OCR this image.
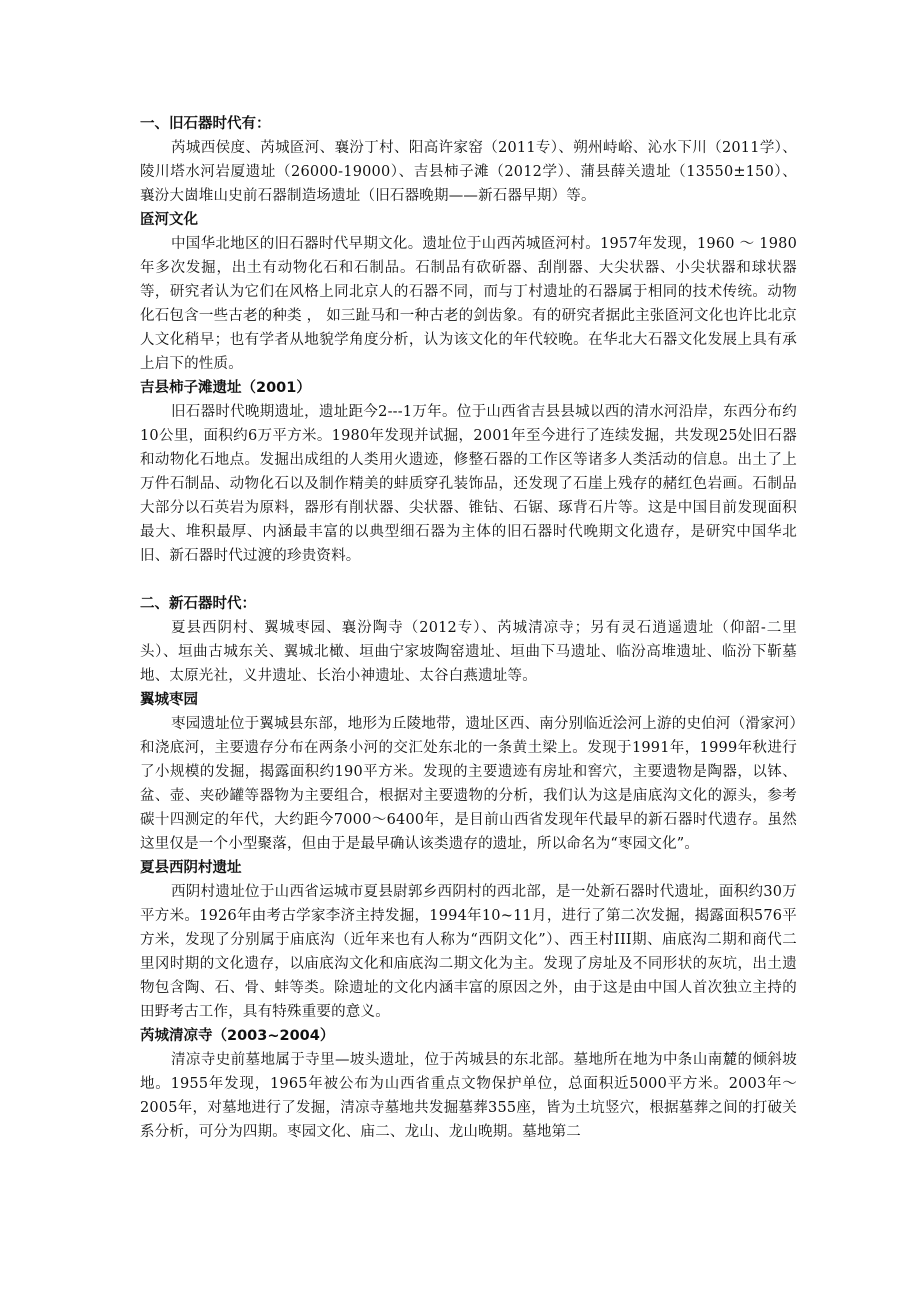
一、旧石器时代有：

芮城西侯度、芮城匼河、襄汾丁村、阳高许家窑（2011专）、朔州峙峪、沁水下川（2011学）、陵川塔水河岩厦遗址（26000-19000）、吉县柿子滩（2012学）、蒲县薛关遗址（13550±150）、襄汾大崮堆山史前石器制造场遗址（旧石器晚期——新石器早期）等。

匼河文化

中国华北地区的旧石器时代早期文化。遗址位于山西芮城匼河村。1957年发现，1960 ～ 1980年多次发掘，出土有动物化石和石制品。石制品有砍斫器、刮削器、大尖状器、小尖状器和球状器等，研究者认为它们在风格上同北京人的石器不同，而与丁村遗址的石器属于相同的技术传统。动物化石包含一些古老的种类 ， 如三趾马和一种古老的剑齿象。有的研究者据此主张匼河文化也许比北京人文化稍早；也有学者从地貌学角度分析，认为该文化的年代较晚。在华北大石器文化发展上具有承上启下的性质。

吉县柿子滩遗址（2001）

旧石器时代晚期遗址，遗址距今2---1万年。位于山西省吉县县城以西的清水河沿岸，东西分布约10公里，面积约6万平方米。1980年发现并试掘，2001年至今进行了连续发掘，共发现25处旧石器和动物化石地点。发掘出成组的人类用火遗迹，修整石器的工作区等诸多人类活动的信息。出土了上万件石制品、动物化石以及制作精美的蚌质穿孔装饰品，还发现了石崖上残存的赭红色岩画。石制品大部分以石英岩为原料，器形有削状器、尖状器、锥钻、石锯、琢背石片等。这是中国目前发现面积最大、堆积最厚、内涵最丰富的以典型细石器为主体的旧石器时代晚期文化遗存，是研究中国华北旧、新石器时代过渡的珍贵资料。

二、新石器时代：

夏县西阴村、翼城枣园、襄汾陶寺（2012专）、芮城清凉寺；另有灵石逍遥遗址（仰韶-二里头）、垣曲古城东关、翼城北橄、垣曲宁家坡陶窑遗址、垣曲下马遗址、临汾高堆遗址、临汾下靳墓地、太原光社，义井遗址、长治小神遗址、太谷白燕遗址等。

翼城枣园

枣园遗址位于翼城县东部，地形为丘陵地带，遗址区西、南分别临近浍河上游的史伯河（滑家河）和浇底河，主要遗存分布在两条小河的交汇处东北的一条黄土梁上。发现于1991年，1999年秋进行了小规模的发掘，揭露面积约190平方米。发现的主要遗迹有房址和窖穴，主要遗物是陶器，以钵、盆、壶、夹砂罐等器物为主要组合，根据对主要遗物的分析，我们认为这是庙底沟文化的源头，参考碳十四测定的年代，大约距今7000～6400年，是目前山西省发现年代最早的新石器时代遗存。虽然这里仅是一个小型聚落，但由于是最早确认该类遗存的遗址，所以命名为“枣园文化”。

夏县西阴村遗址

西阴村遗址位于山西省运城市夏县尉郭乡西阴村的西北部，是一处新石器时代遗址，面积约30万平方米。1926年由考古学家李济主持发掘，1994年10~11月，进行了第二次发掘，揭露面积576平方米，发现了分别属于庙底沟（近年来也有人称为“西阴文化”）、西王村III期、庙底沟二期和商代二里冈时期的文化遗存，以庙底沟文化和庙底沟二期文化为主。发现了房址及不同形状的灰坑，出土遗物包含陶、石、骨、蚌等类。除遗址的文化内涵丰富的原因之外，由于这是由中国人首次独立主持的田野考古工作，具有特殊重要的意义。

芮城清凉寺（2003~2004）

清凉寺史前墓地属于寺里—坡头遗址，位于芮城县的东北部。墓地所在地为中条山南麓的倾斜坡地。1955年发现，1965年被公布为山西省重点文物保护单位，总面积近5000平方米。2003年～2005年，对墓地进行了发掘，清凉寺墓地共发掘墓葬355座，皆为土坑竖穴，根据墓葬之间的打破关系分析，可分为四期。枣园文化、庙二、龙山、龙山晚期。墓地第二
